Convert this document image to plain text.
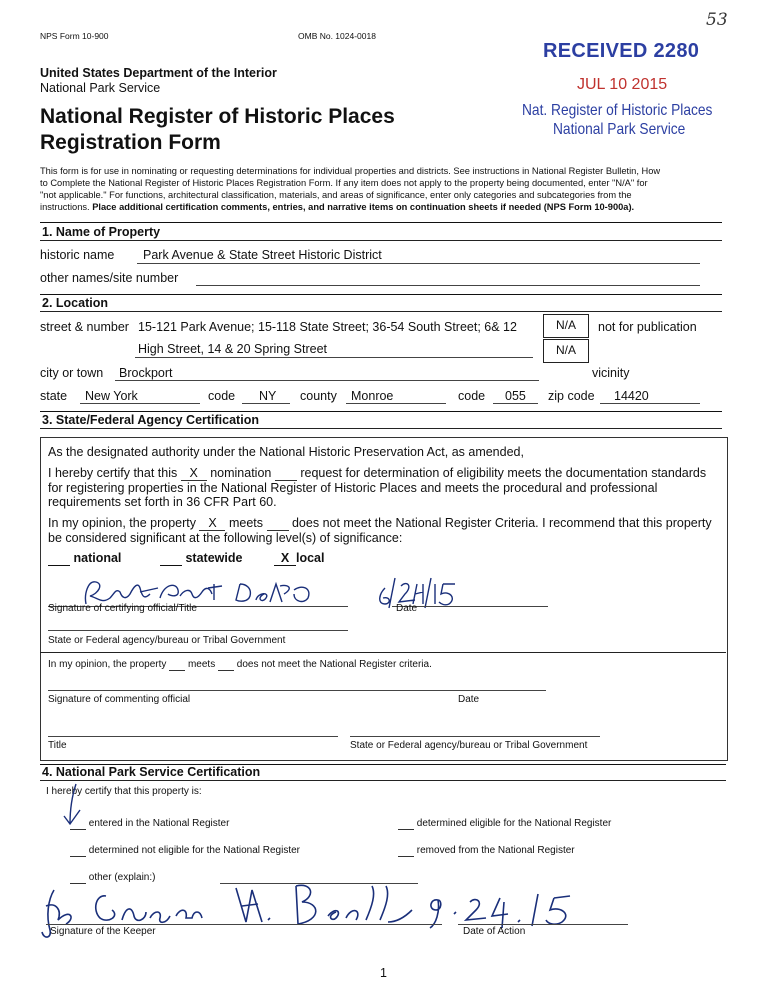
NPS Form 10-900	OMB No. 1024-0018
53
United States Department of the Interior
National Park Service
National Register of Historic Places
Registration Form
RECEIVED 2280
JUL 10 2015
Nat. Register of Historic Places
National Park Service
This form is for use in nominating or requesting determinations for individual properties and districts. See instructions in National Register Bulletin, How
to Complete the National Register of Historic Places Registration Form. If any item does not apply to the property being documented, enter "N/A" for
"not applicable." For functions, architectural classification, materials, and areas of significance, enter only categories and subcategories from the
instructions. Place additional certification comments, entries, and narrative items on continuation sheets if needed (NPS Form 10-900a).
1. Name of Property
historic name Park Avenue & State Street Historic District
other names/site number
2. Location
street & number 15-121 Park Avenue; 15-118 State Street; 36-54 South Street; 6& 12
High Street, 14 & 20 Spring Street
N/A
N/A
not for publication
city or town Brockport	vicinity
state New York	code NY county Monroe	code 055 zip code 14420
3. State/Federal Agency Certification
As the designated authority under the National Historic Preservation Act, as amended,
I hereby certify that this X nomination request for determination of eligibility meets the documentation standards
for registering properties in the National Register of Historic Places and meets the procedural and professional
requirements set forth in 36 CFR Part 60.
In my opinion, the property X meets does not meet the National Register Criteria. I recommend that this property
be considered significant at the following level(s) of significance:
national	statewide	X local
Signature of certifying official/Title	Date
State or Federal agency/bureau or Tribal Government
In my opinion, the property meets does not meet the National Register criteria.
Signature of commenting official	Date
Title	State or Federal agency/bureau or Tribal Government
4. National Park Service Certification
I hereby certify that this property is:
entered in the National Register	determined eligible for the National Register
determined not eligible for the National Register	removed from the National Register
other (explain:)
Signature of the Keeper	Date of Action
1
